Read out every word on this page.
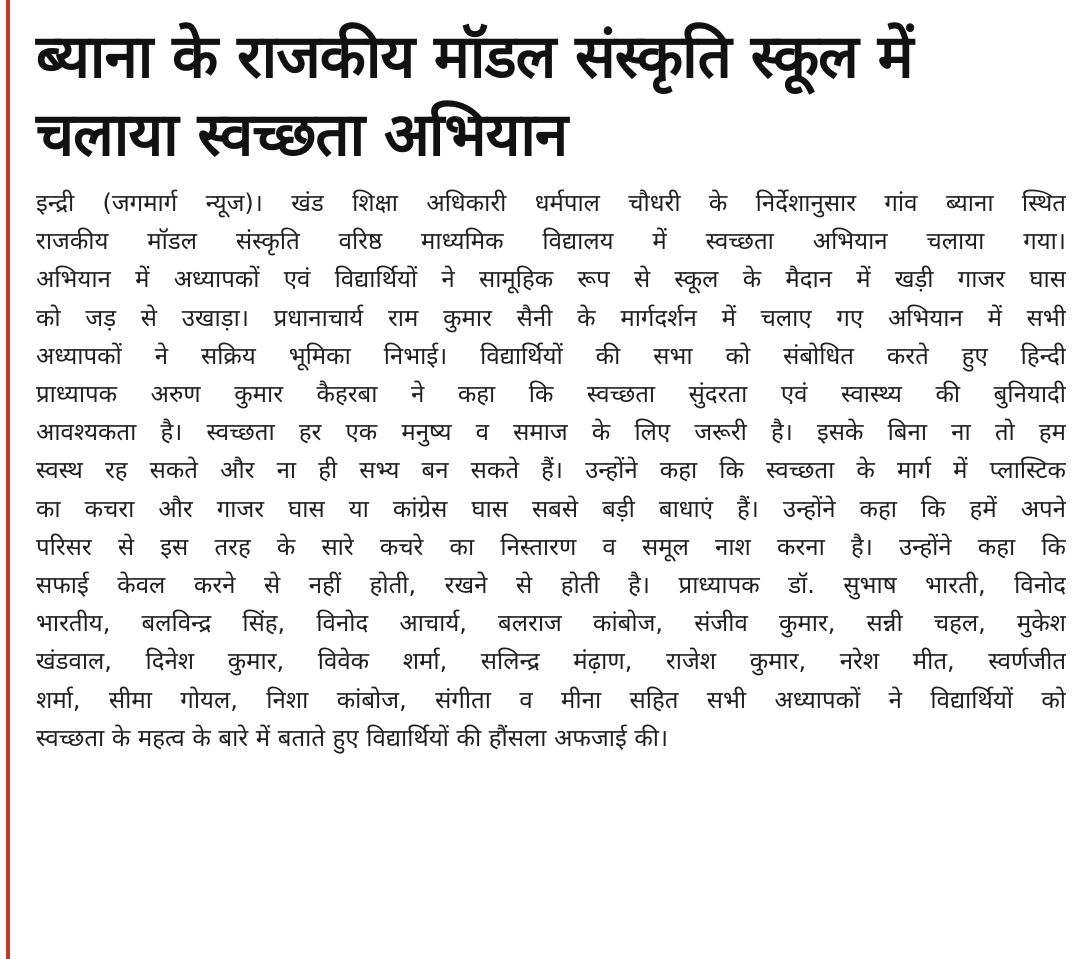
ब्याना के राजकीय मॉडल संस्कृति स्कूल में
चलाया स्वच्छता अभियान
इन्द्री (जगमार्ग न्यूज)। खंड शिक्षा अधिकारी धर्मपाल चौधरी के निर्देशानुसार गांव ब्याना स्थित
राजकीय मॉडल संस्कृति वरिष्ठ माध्यमिक विद्यालय में स्वच्छता अभियान चलाया गया।
अभियान में अध्यापकों एवं विद्यार्थियों ने सामूहिक रूप से स्कूल के मैदान में खड़ी गाजर घास
को जड़ से उखाड़ा। प्रधानाचार्य राम कुमार सैनी के मार्गदर्शन में चलाए गए अभियान में सभी
अध्यापकों ने सक्रिय भूमिका निभाई। विद्यार्थियों की सभा को संबोधित करते हुए हिन्दी
प्राध्यापक अरुण कुमार कैहरबा ने कहा कि स्वच्छता सुंदरता एवं स्वास्थ्य की बुनियादी
आवश्यकता है। स्वच्छता हर एक मनुष्य व समाज के लिए जरूरी है। इसके बिना ना तो हम
स्वस्थ रह सकते और ना ही सभ्य बन सकते हैं। उन्होंने कहा कि स्वच्छता के मार्ग में प्लास्टिक
का कचरा और गाजर घास या कांग्रेस घास सबसे बड़ी बाधाएं हैं। उन्होंने कहा कि हमें अपने
परिसर से इस तरह के सारे कचरे का निस्तारण व समूल नाश करना है। उन्होंने कहा कि
सफाई केवल करने से नहीं होती, रखने से होती है। प्राध्यापक डॉ. सुभाष भारती, विनोद
भारतीय, बलविन्द्र सिंह, विनोद आचार्य, बलराज कांबोज, संजीव कुमार, सन्नी चहल, मुकेश
खंडवाल, दिनेश कुमार, विवेक शर्मा, सलिन्द्र मंढ़ाण, राजेश कुमार, नरेश मीत, स्वर्णजीत
शर्मा, सीमा गोयल, निशा कांबोज, संगीता व मीना सहित सभी अध्यापकों ने विद्यार्थियों को
स्वच्छता के महत्व के बारे में बताते हुए विद्यार्थियों की हौंसला अफजाई की।
